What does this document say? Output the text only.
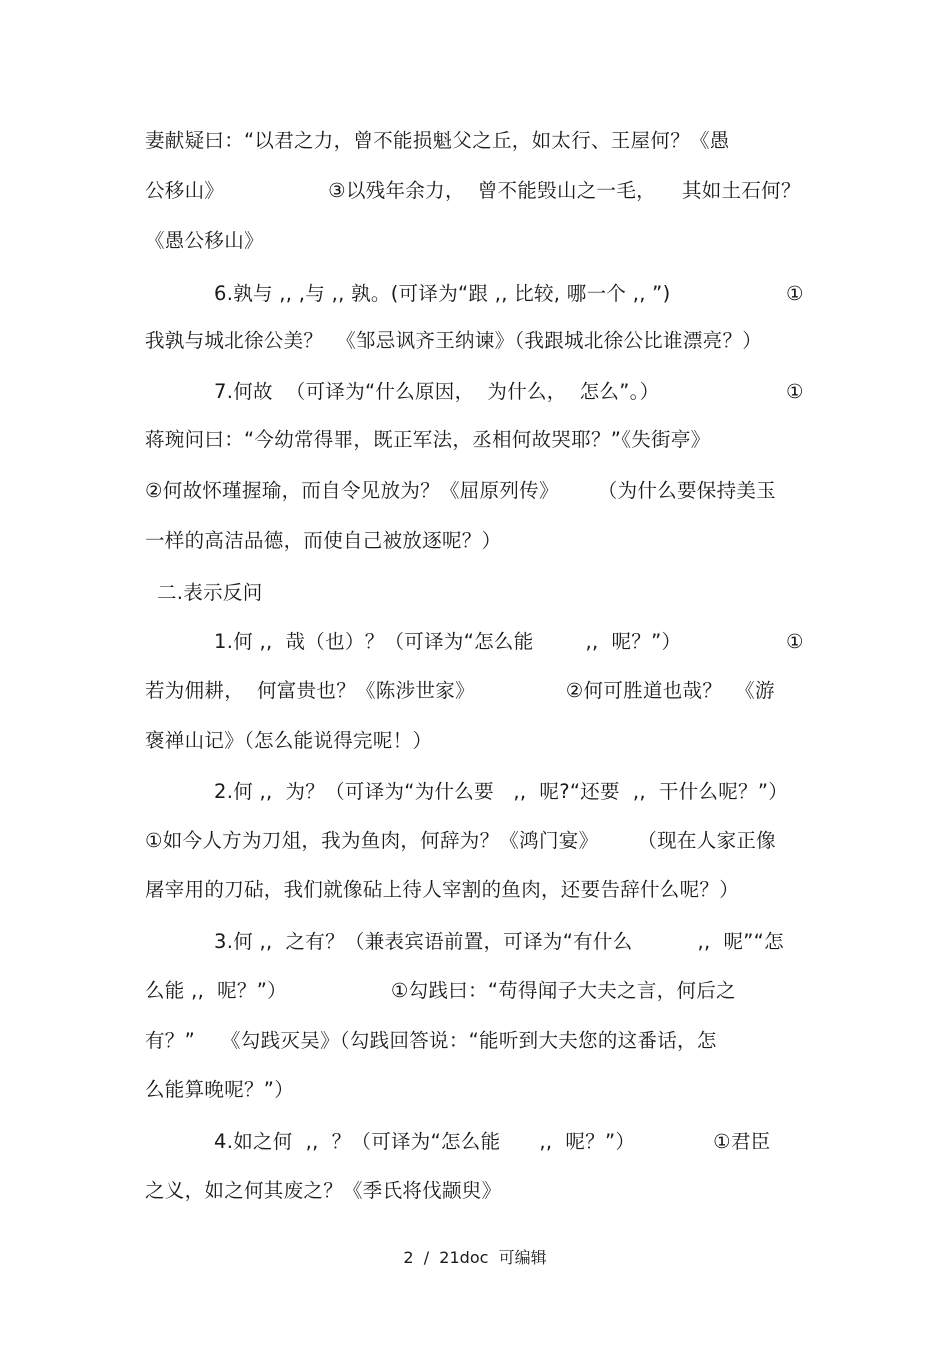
妻献疑曰：“以君之力，曾不能损魁父之丘，如太行、王屋何？《愚
公移山》                ③以残年余力，  曾不能毁山之一毛，    其如土石何？
《愚公移山》
6.孰与 ,, ,与 ,, 孰。(可译为“跟 ,, 比较, 哪一个 ,, ”)	①
我孰与城北徐公美？  《邹忌讽齐王纳谏》（我跟城北徐公比谁漂亮？）
7.何故  （可译为“什么原因，  为什么，  怎么”。）	①
蒋琬问曰：“今幼常得罪，既正军法，丞相何故哭耶？”《失街亭》
②何故怀瑾握瑜，而自令见放为？《屈原列传》      （为什么要保持美玉
一样的高洁品德，而使自己被放逐呢？）
二.表示反问
1.何 ,,  哉（也）？（可译为“怎么能        ,,  呢？”）	①
若为佣耕，  何富贵也？《陈涉世家》              ②何可胜道也哉？  《游
褒禅山记》（怎么能说得完呢！）
2.何 ,,  为？（可译为“为什么要   ,,  呢?“还要  ,,  干什么呢？”）
①如今人方为刀俎，我为鱼肉，何辞为？《鸿门宴》      （现在人家正像
屠宰用的刀砧，我们就像砧上待人宰割的鱼肉，还要告辞什么呢？）
3.何 ,,  之有？（兼表宾语前置，可译为“有什么          ,,  呢”“怎
么能 ,,  呢？”）                ①勾践曰：“苟得闻子大夫之言，何后之
有？”    《勾践灭吴》（勾践回答说：“能听到大夫您的这番话，怎
么能算晚呢？”）
4.如之何  ,,  ？（可译为“怎么能      ,,  呢？”）            ①君臣
之义，如之何其废之？《季氏将伐颛臾》
2  /  21doc  可编辑
